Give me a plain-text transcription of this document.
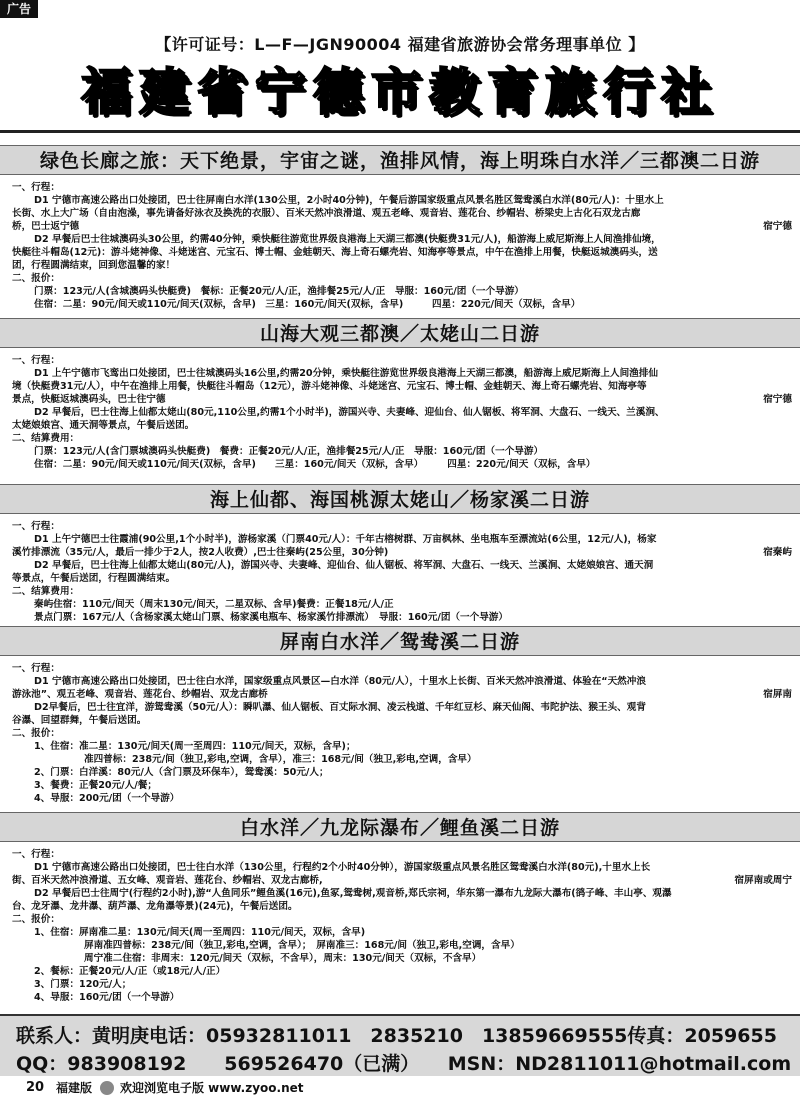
广告
【许可证号：L—F—JGN90004 福建省旅游协会常务理事单位 】
福建省宁德市教育旅行社
绿色长廊之旅：天下绝景，宇宙之谜，渔排风情，海上明珠白水洋／三都澳二日游
一、行程：
D1 宁德市高速公路出口处接团，巴士往屏南白水洋(130公里，2小时40分钟)，午餐后游国家级重点风景名胜区鸳鸯溪白水洋(80元/人)：十里水上
长街、水上大广场（自由泡澡，事先请备好泳衣及换洗的衣服）、百米天然冲浪滑道、观五老峰、观音岩、莲花台、纱帽岩、桥梁史上古化石双龙古廊
宿宁德
桥，巴士返宁德
D2 早餐后巴士往城澳码头30公里，约需40分钟，乘快艇往游览世界级良港海上天湖三都澳(快艇费31元/人)，船游海上威尼斯海上人间渔排仙境，
快艇往斗帽岛(12元)：游斗姥神像、斗姥迷宫、元宝石、博士帽、金蛙朝天、海上奇石螺壳岩、知海亭等景点，中午在渔排上用餐，快艇返城澳码头，送
团，行程圆满结束，回到您温馨的家！
二、报价：
门票：123元/人(含城澳码头快艇费)　餐标：正餐20元/人/正，渔排餐25元/人/正　导服：160元/团（一个导游）
住宿：二星：90元/间天或110元/间天(双标，含早)　三星：160元/间天(双标，含早)　　　四星：220元/间天（双标，含早）
山海大观三都澳／太姥山二日游
一、行程：
D1 上午宁德市飞鸾出口处接团，巴士往城澳码头16公里,约需20分钟，乘快艇往游览世界级良港海上天湖三都澳，船游海上威尼斯海上人间渔排仙
境（快艇费31元/人），中午在渔排上用餐，快艇往斗帽岛（12元），游斗姥神像、斗姥迷宫、元宝石、博士帽、金蛙朝天、海上奇石螺壳岩、知海亭等
宿宁德
景点，快艇返城澳码头，巴士往宁德
D2 早餐后，巴士往海上仙都太姥山(80元,110公里,约需1个小时半)，游国兴寺、夫妻峰、迎仙台、仙人锯板、将军洞、大盘石、一线天、兰溪涧、
太姥娘娘宫、通天洞等景点，午餐后送团。
二、结算费用：
门票：123元/人(含门票城澳码头快艇费)　餐费：正餐20元/人/正，渔排餐25元/人/正　导服：160元/团（一个导游）
住宿：二星：90元/间天或110元/间天(双标，含早)　　三星：160元/间天（双标，含早）　　　四星：220元/间天（双标，含早）
海上仙都、海国桃源太姥山／杨家溪二日游
一、行程：
D1 上午宁德巴士往霞浦(90公里,1个小时半)，游杨家溪（门票40元/人）：千年古榕树群、万亩枫林、坐电瓶车至漂流站(6公里，12元/人)，杨家
宿秦屿
溪竹排漂流（35元/人，最后一排少于2人，按2人收费）,巴士往秦屿(25公里，30分钟)
D2 早餐后，巴士往海上仙都太姥山(80元/人)，游国兴寺、夫妻峰、迎仙台、仙人锯板、将军洞、大盘石、一线天、兰溪涧、太姥娘娘宫、通天洞
等景点，午餐后送团，行程圆满结束。
二、结算费用：
秦屿住宿：110元/间天（周末130元/间天，二星双标、含早)餐费：正餐18元/人/正
景点门票：167元/人（含杨家溪太姥山门票、杨家溪电瓶车、杨家溪竹排漂流）　导服：160元/团（一个导游）
屏南白水洋／鸳鸯溪二日游
一、行程：
D1 宁德市高速公路出口处接团，巴士往白水洋，国家级重点风景区—白水洋（80元/人），十里水上长街、百米天然冲浪滑道、体验在“天然冲浪
宿屏南
游泳池”、观五老峰、观音岩、莲花台、纱帽岩、双龙古廊桥
D2早餐后，巴士往宜洋，游鸳鸯溪（50元/人）：瞬叭瀑、仙人锯板、百丈际水洞、凌云栈道、千年红豆杉、麻天仙阁、韦陀护法、猴王头、观背
谷瀑、回望群舞，午餐后送团。
二、报价：
1、住宿：准二星：130元/间天(周一至周四：110元/间天，双标，含早)；
准四普标：238元/间（独卫,彩电,空调，含早），准三：168元/间（独卫,彩电,空调，含早）
2、门票：白洋溪：80元/人（含门票及环保车），鸳鸯溪：50元/人；
3、餐费：正餐20元/人/餐；
4、导服：200元/团（一个导游）
白水洋／九龙际瀑布／鲤鱼溪二日游
一、行程：
D1 宁德市高速公路出口处接团，巴士往白水洋（130公里，行程约2个小时40分钟），游国家级重点风景名胜区鸳鸯溪白水洋(80元),十里水上长
宿屏南或周宁
街、百米天然冲浪滑道、五女峰、观音岩、莲花台、纱帽岩、双龙古廊桥,
D2 早餐后巴士往周宁(行程约2小时),游“人鱼同乐”鲤鱼溪(16元),鱼冢,鸳鸯树,观音桥,郑氏宗祠，华东第一瀑布九龙际大瀑布(鹆子峰、丰山亭、观瀑
台、龙牙瀑、龙井瀑、葫芦瀑、龙角瀑等景)(24元)，午餐后送团。
二、报价：
1、住宿：屏南准二星：130元/间天(周一至周四：110元/间天，双标，含早)
屏南准四普标：238元/间（独卫,彩电,空调，含早）；　屏南准三：168元/间（独卫,彩电,空调，含早）
周宁准二住宿：非周末：120元/间天（双标，不含早），周末：130元/间天（双标，不含早）
2、餐标：正餐20元/人/正（或18元/人/正）
3、门票：120元/人；
4、导服：160元/团（一个导游）
联系人：黄明庚电话：05932811011　2835210　13859669555传真：2059655
QQ：983908192　　569526470（已满）　　MSN：ND2811011@hotmail.com
20 福建版 欢迎浏览电子版 www.zyoo.net
